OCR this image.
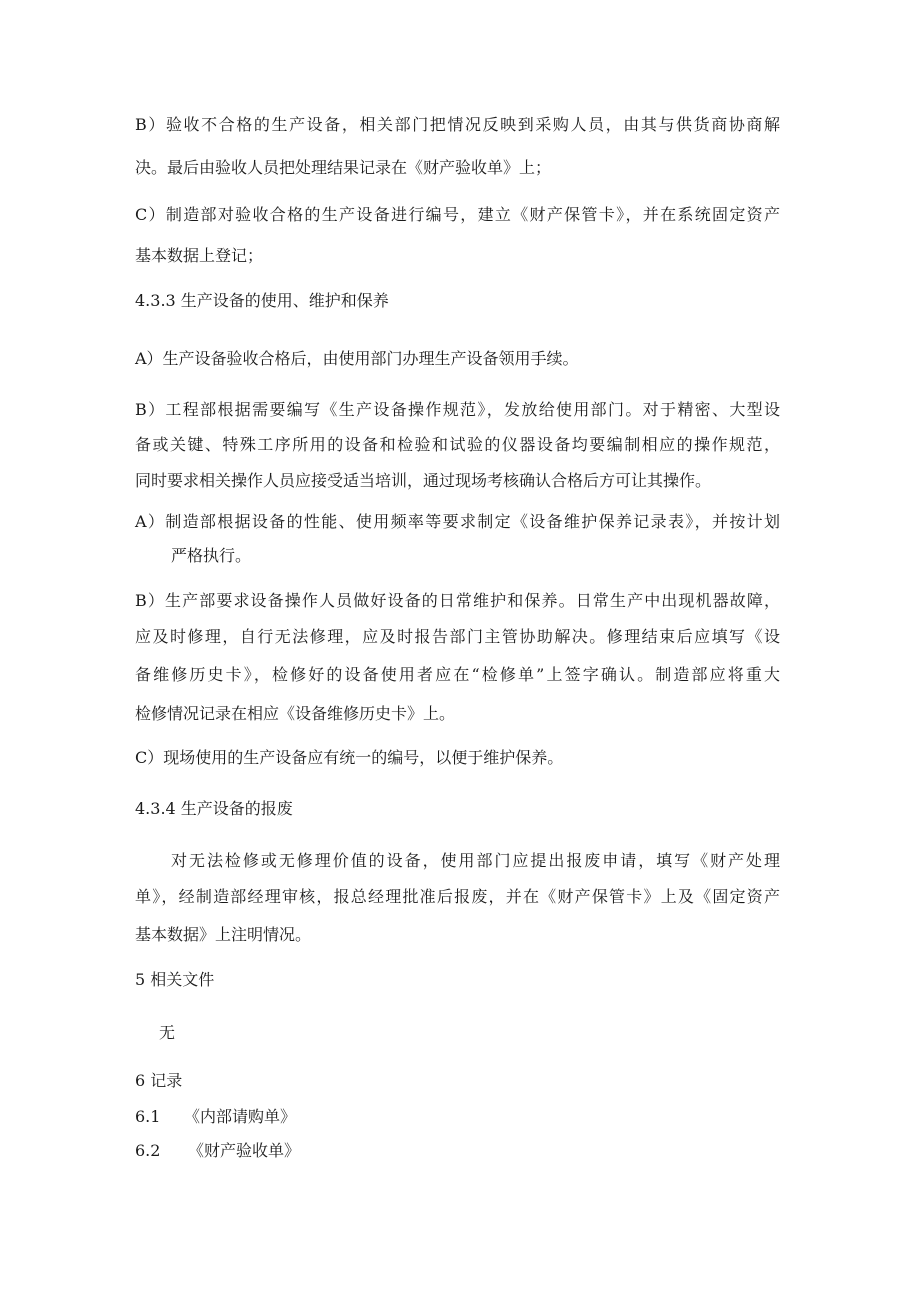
B）验收不合格的生产设备，相关部门把情况反映到采购人员，由其与供货商协商解
决。最后由验收人员把处理结果记录在《财产验收单》上；
C）制造部对验收合格的生产设备进行编号，建立《财产保管卡》，并在系统固定资产
基本数据上登记；
4.3.3 生产设备的使用、维护和保养
A）生产设备验收合格后，由使用部门办理生产设备领用手续。
B）工程部根据需要编写《生产设备操作规范》，发放给使用部门。对于精密、大型设
备或关键、特殊工序所用的设备和检验和试验的仪器设备均要编制相应的操作规范，
同时要求相关操作人员应接受适当培训，通过现场考核确认合格后方可让其操作。
A）制造部根据设备的性能、使用频率等要求制定《设备维护保养记录表》，并按计划
严格执行。
B）生产部要求设备操作人员做好设备的日常维护和保养。日常生产中出现机器故障，
应及时修理，自行无法修理，应及时报告部门主管协助解决。修理结束后应填写《设
备维修历史卡》，检修好的设备使用者应在“检修单”上签字确认。制造部应将重大
检修情况记录在相应《设备维修历史卡》上。
C）现场使用的生产设备应有统一的编号，以便于维护保养。
4.3.4 生产设备的报废
对无法检修或无修理价值的设备，使用部门应提出报废申请，填写《财产处理
单》，经制造部经理审核，报总经理批准后报废，并在《财产保管卡》上及《固定资产
基本数据》上注明情况。
5 相关文件
无
6 记录
6.1 《内部请购单》
6.2 《财产验收单》
